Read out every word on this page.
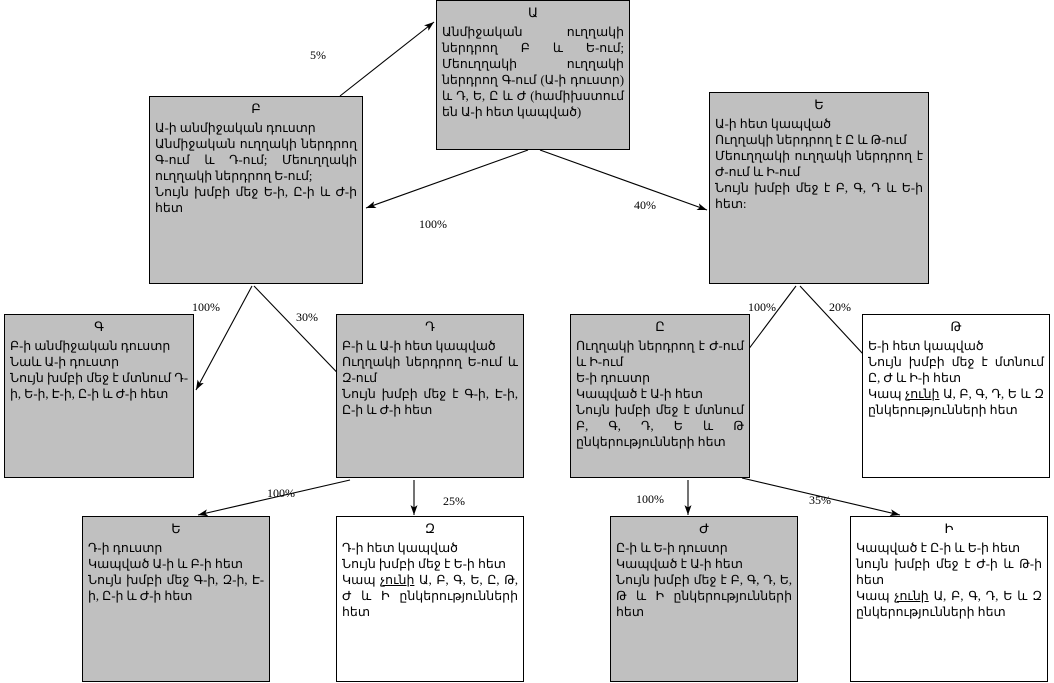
Ա
Անմիջական ուղղակի ներդրող Բ և Ե-ում; Մեուղղակի ուղղակի ներդրող Գ-ում (Ա-ի դուստր) և Դ, Ե, Ը և Ժ (համիխստում են Ա-ի հետ կապված)
Բ
Ա-ի անմիջական դուստր
Անմիջական ուղղակի ներդրող Գ-ում և Դ-ում; Մեուղղակի ուղղակի ներդրող Ե-ում;
Նույն խմբի մեջ Ե-ի, Ը-ի և Ժ-ի հետ
Ե
Ա-ի հետ կապված
Ուղղակի ներդրող է Ը և Թ-ում
Մեուղղակի ուղղակի ներդրող է Ժ-ում և Ի-ում
Նույն խմբի մեջ է Բ, Գ, Դ և Ե-ի հետ:
Գ
Բ-ի անմիջական դուստր
Նաև Ա-ի դուստր
Նույն խմբի մեջ է մտնում Դ-ի, Ե-ի, Է-ի, Ը-ի և Ժ-ի հետ
Դ
Բ-ի և Ա-ի հետ կապված
Ուղղակի ներդրող Ե-ում և Զ-ում
Նույն խմբի մեջ է Գ-ի, Է-ի, Ը-ի և Ժ-ի հետ
Ը
Ուղղակի ներդրող է Ժ-ում և Ի-ում
Ե-ի դուստր
Կապված է Ա-ի հետ
Նույն խմբի մեջ է մտնում Բ, Գ, Դ, Ե և Թ ընկերությունների հետ
Թ
Ե-ի հետ կապված
Նույն խմբի մեջ է մտնում Ը, Ժ և Ի-ի հետ
Կապ չունի Ա, Բ, Գ, Դ, Ե և Զ ընկերությունների հետ
Ե
Դ-ի դուստր
Կապված Ա-ի և Բ-ի հետ
Նույն խմբի մեջ Գ-ի, Զ-ի, Է-ի, Ը-ի և Ժ-ի հետ
Զ
Դ-ի հետ կապված
Նույն խմբի մեջ է Ե-ի հետ
Կապ չունի Ա, Բ, Գ, Ե, Ը, Թ, Ժ և Ի ընկերությունների հետ
Ժ
Ը-ի և Ե-ի դուստր
Կապված է Ա-ի հետ
Նույն խմբի մեջ է Բ, Գ, Դ, Ե, Թ և Ի ընկերությունների հետ
Ի
Կապված է Ը-ի և Ե-ի հետ
նույն խմբի մեջ է Ժ-ի և Թ-ի հետ
Կապ չունի Ա, Բ, Գ, Դ, Ե և Զ ընկերությունների հետ
5%
100%
40%
100%
30%
100%	20%
100%
25%	100%	35%
